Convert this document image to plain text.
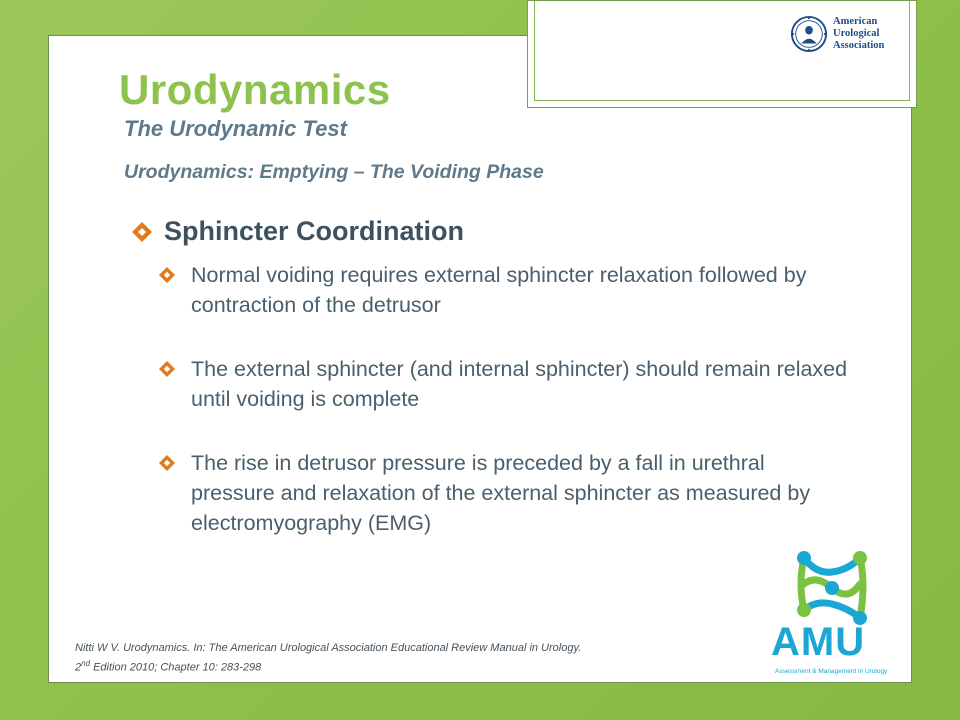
American
Urological
Association
Urodynamics
The Urodynamic Test
Urodynamics: Emptying – The Voiding Phase
Sphincter Coordination
Normal voiding requires external sphincter relaxation followed by contraction of the detrusor
The external sphincter (and internal sphincter) should remain relaxed until voiding is complete
The rise in detrusor pressure is preceded by a fall in urethral pressure and relaxation of the external sphincter as measured by electromyography (EMG)
Nitti W V. Urodynamics. In: The American Urological Association Educational Review Manual in Urology.
2nd Edition 2010; Chapter 10: 283-298
AMU
Assessment & Management in Urology
